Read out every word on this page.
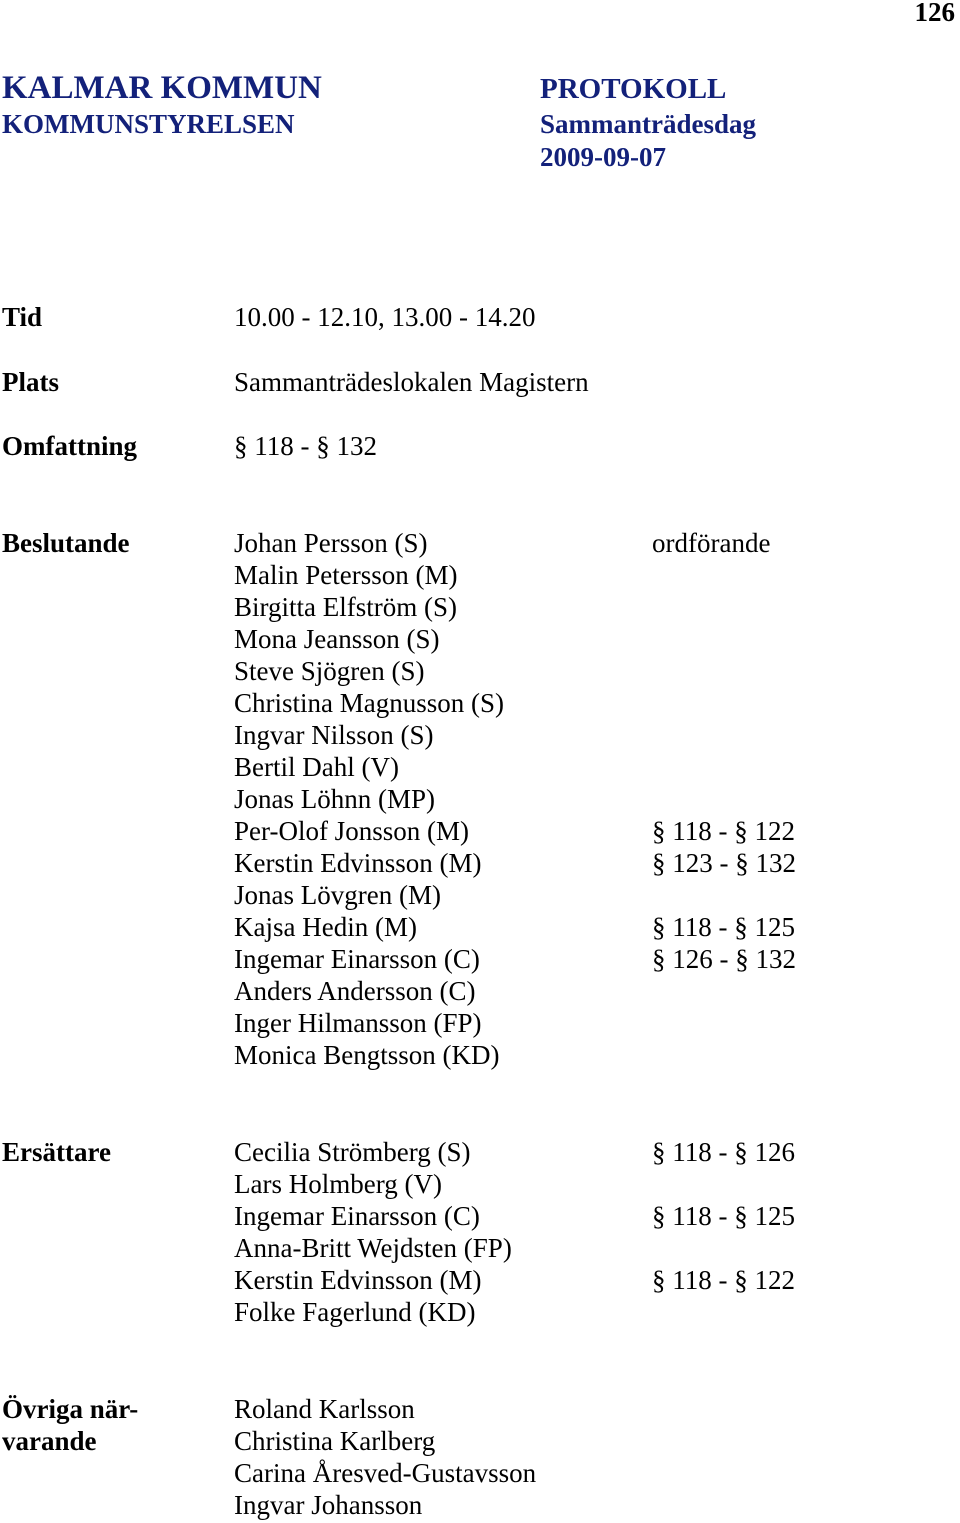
126
KALMAR KOMMUN
KOMMUNSTYRELSEN
PROTOKOLL
Sammanträdesdag
2009-09-07
Tid	10.00 - 12.10, 13.00 - 14.20
Plats	Sammanträdeslokalen Magistern
Omfattning	§ 118 - § 132
Beslutande	Johan Persson (S)	ordförande
Malin Petersson (M)
Birgitta Elfström (S)
Mona Jeansson (S)
Steve Sjögren (S)
Christina Magnusson (S)
Ingvar Nilsson (S)
Bertil Dahl (V)
Jonas Löhnn (MP)
Per-Olof Jonsson (M)	§ 118 - § 122
Kerstin Edvinsson (M)	§ 123 - § 132
Jonas Lövgren (M)
Kajsa Hedin (M)	§ 118 - § 125
Ingemar Einarsson (C)	§ 126 - § 132
Anders Andersson (C)
Inger Hilmansson (FP)
Monica Bengtsson (KD)
Ersättare	Cecilia Strömberg (S)	§ 118 - § 126
Lars Holmberg (V)
Ingemar Einarsson (C)	§ 118 - § 125
Anna-Britt Wejdsten (FP)
Kerstin Edvinsson (M)	§ 118 - § 122
Folke Fagerlund (KD)
Övriga när-
varande
Roland Karlsson
Christina Karlberg
Carina Åresved-Gustavsson
Ingvar Johansson
